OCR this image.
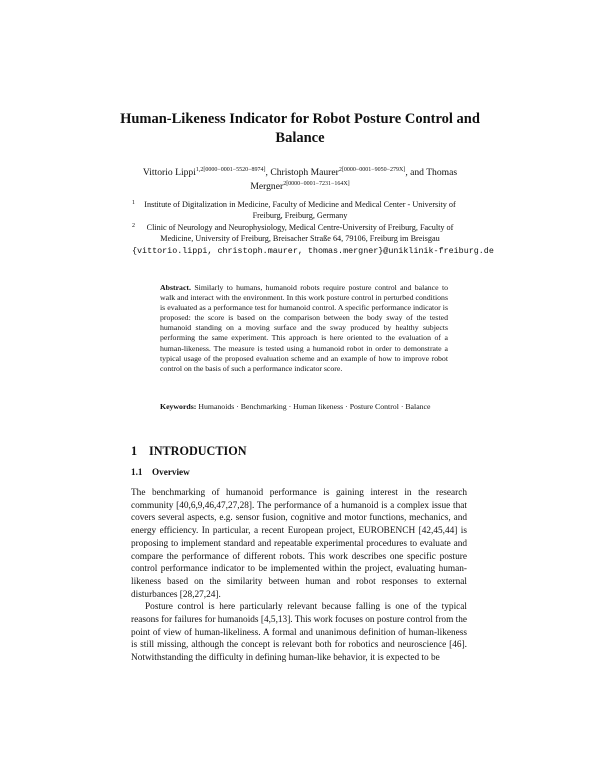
Human-Likeness Indicator for Robot Posture Control and Balance
Vittorio Lippi$^{1,2[0000-0001-5520-8974]}$, Christoph Maurer$^{2[0000-0001-9050-279X]}$, and Thomas Mergner$^{2[0000-0001-7231-164X]}$
1 Institute of Digitalization in Medicine, Faculty of Medicine and Medical Center - University of Freiburg, Freiburg, Germany
2 Clinic of Neurology and Neurophysiology, Medical Centre-University of Freiburg, Faculty of Medicine, University of Freiburg, Breisacher Straße 64, 79106, Freiburg im Breisgau
{vittorio.lippi, christoph.maurer, thomas.mergner}@uniklinik-freiburg.de
Abstract. Similarly to humans, humanoid robots require posture control and balance to walk and interact with the environment. In this work posture control in perturbed conditions is evaluated as a performance test for humanoid control. A specific performance indicator is proposed: the score is based on the comparison between the body sway of the tested humanoid standing on a moving surface and the sway produced by healthy subjects performing the same experiment. This approach is here oriented to the evaluation of a human-likeness. The measure is tested using a humanoid robot in order to demonstrate a typical usage of the proposed evaluation scheme and an example of how to improve robot control on the basis of such a performance indicator score.
Keywords: Humanoids · Benchmarking · Human likeness · Posture Control · Balance
1 INTRODUCTION
1.1 Overview

The benchmarking of humanoid performance is gaining interest in the research community [40,6,9,46,47,27,28]. The performance of a humanoid is a complex issue that covers several aspects, e.g. sensor fusion, cognitive and motor functions, mechanics, and energy efficiency. In particular, a recent European project, EUROBENCH [42,45,44] is proposing to implement standard and repeatable experimental procedures to evaluate and compare the performance of different robots. This work describes one specific posture control performance indicator to be implemented within the project, evaluating human-likeness based on the similarity between human and robot responses to external disturbances [28,27,24].

Posture control is here particularly relevant because falling is one of the typical reasons for failures for humanoids [4,5,13]. This work focuses on posture control from the point of view of human-likeliness. A formal and unanimous definition of human-likeness is still missing, although the concept is relevant both for robotics and neuroscience [46]. Notwithstanding the difficulty in defining human-like behavior, it is expected to be
